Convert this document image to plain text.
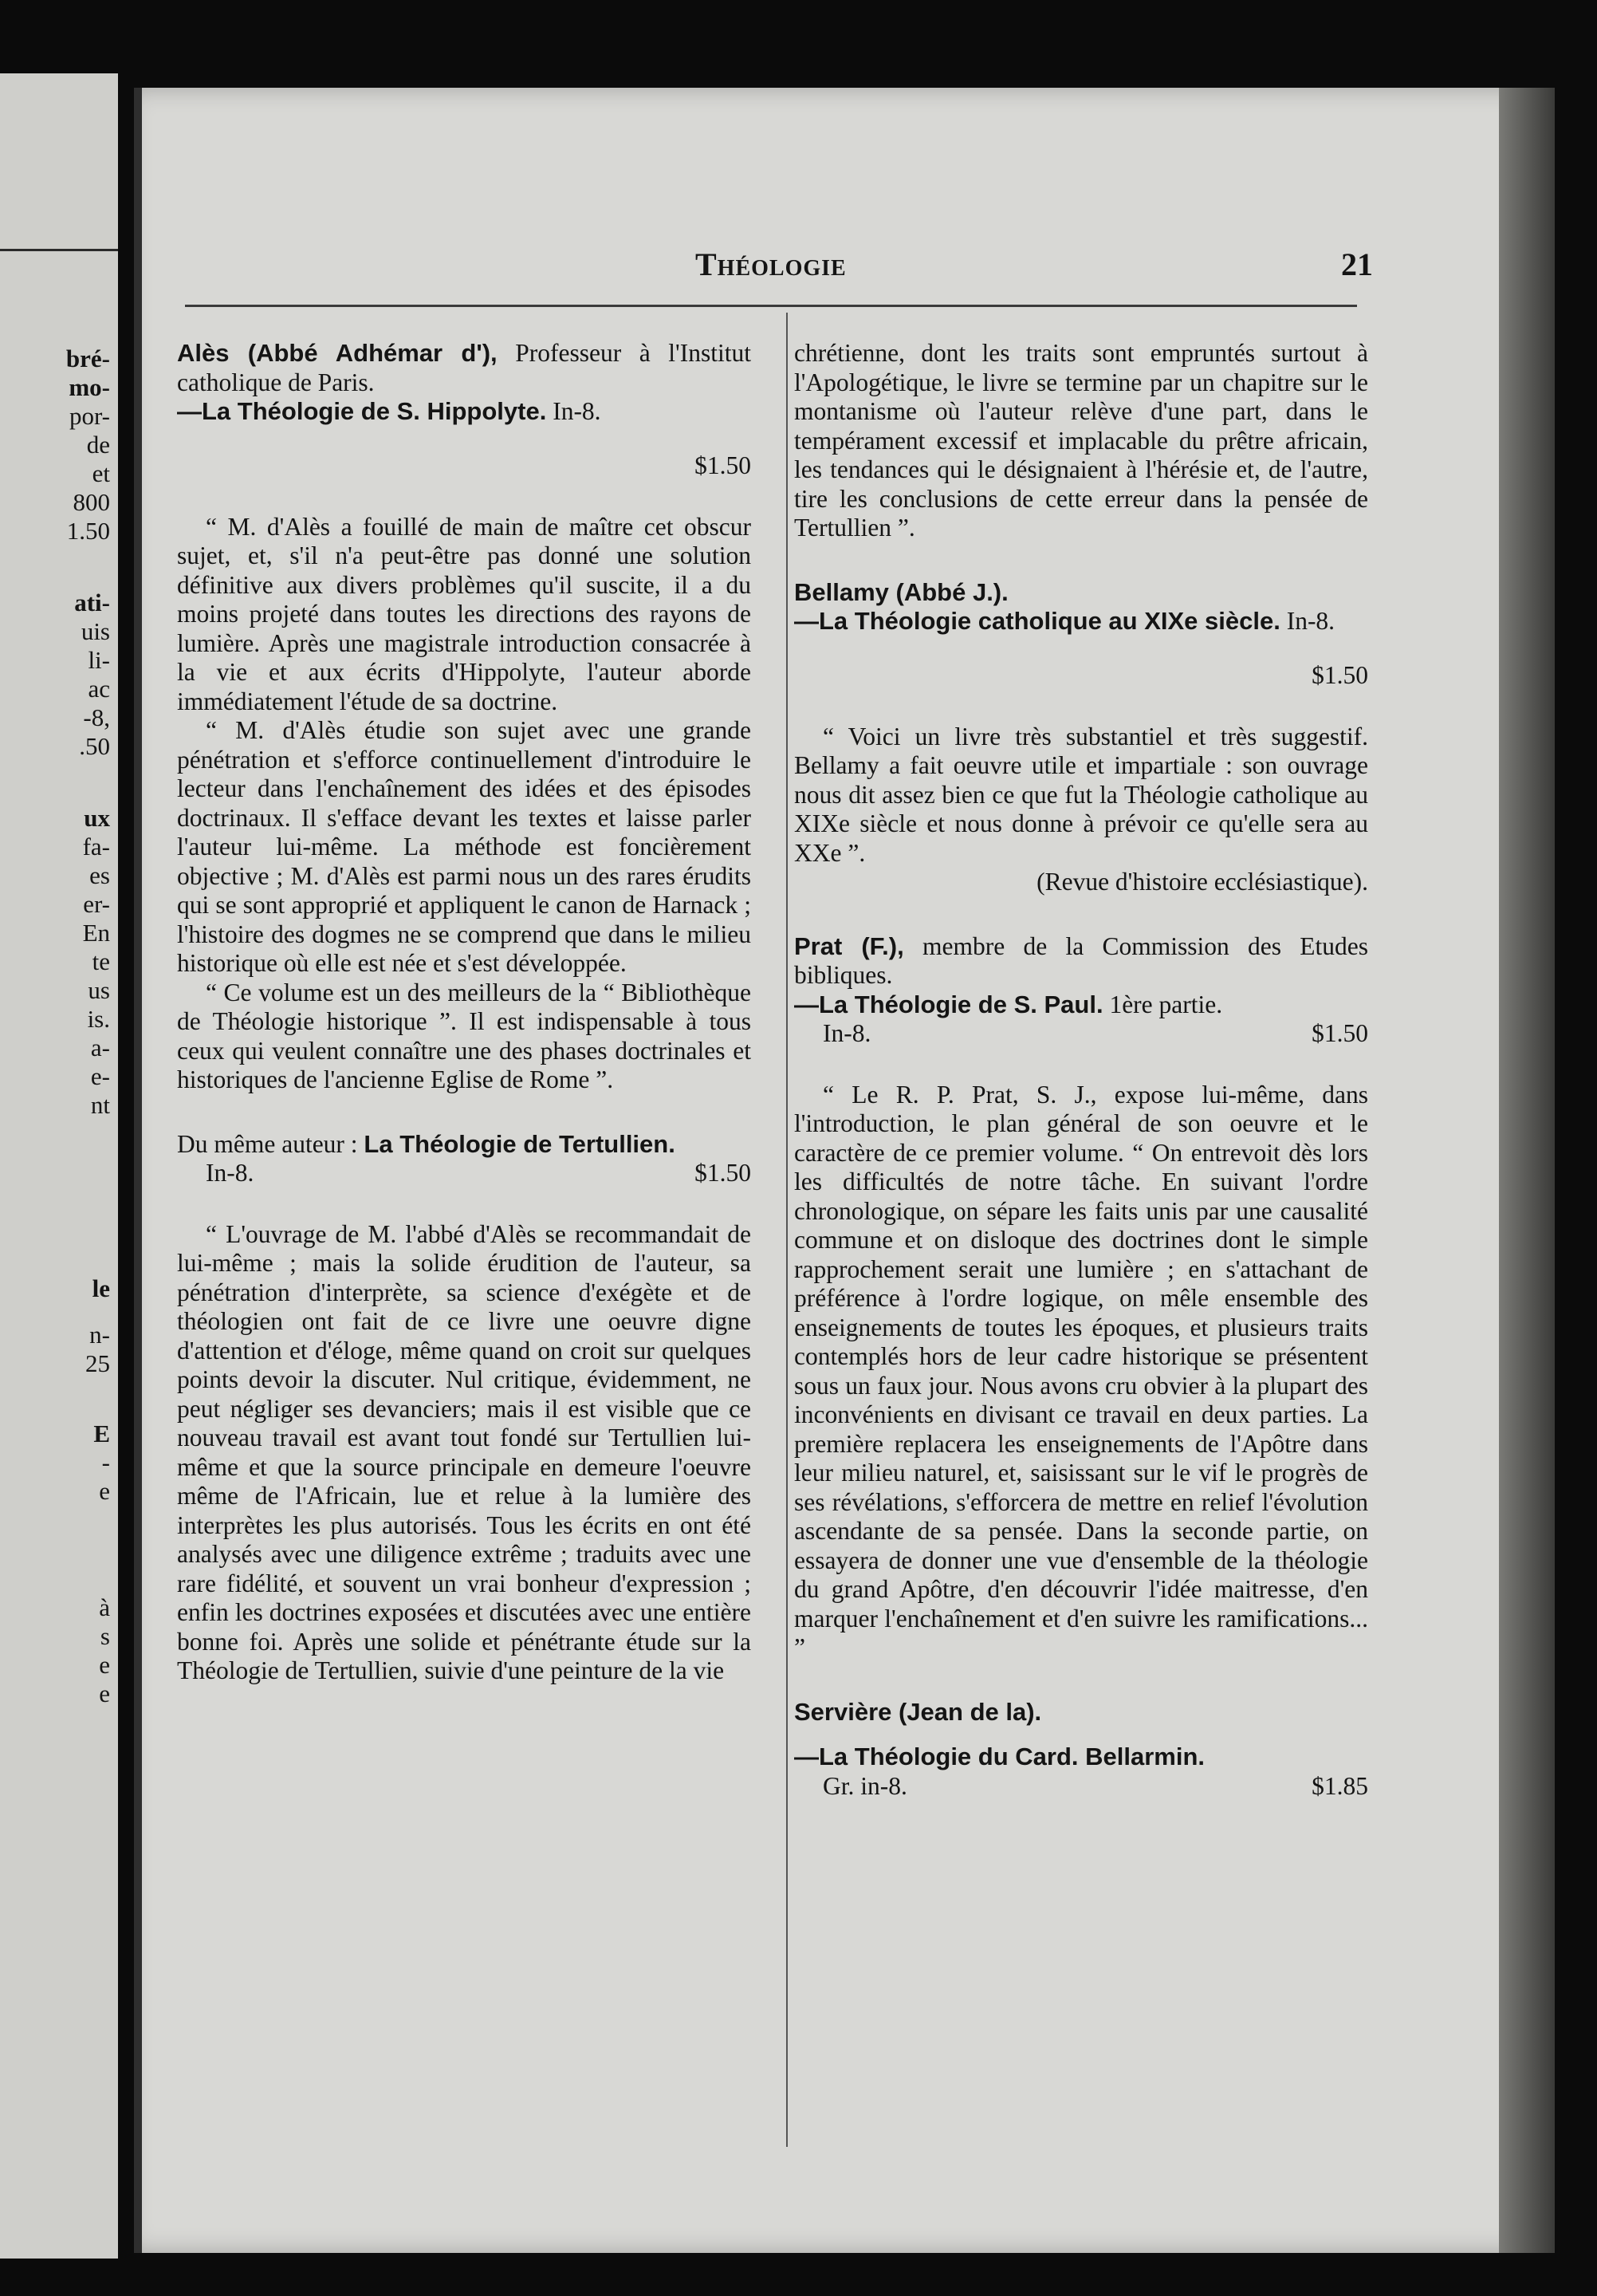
bré-
mo-
por-
de
et
800
1.50
ati-
uis
li-
ac
-8,
.50
ux
fa-
es
er-
En
te
us
is.
a-
e-
nt
le
n-
25
E
-
e
à
s
e
e
Théologie	21

Alès (Abbé Adhémar d'), Professeur à l'Institut catholique de Paris.

—La Théologie de S. Hippolyte. In-8.

$1.50

“ M. d'Alès a fouillé de main de maître cet obscur sujet, et, s'il n'a peut-être pas donné une solution définitive aux divers problèmes qu'il suscite, il a du moins projeté dans toutes les directions des rayons de lumière. Après une magistrale introduction consacrée à la vie et aux écrits d'Hippolyte, l'auteur aborde immédiatement l'étude de sa doctrine.

“ M. d'Alès étudie son sujet avec une grande pénétration et s'efforce continuellement d'introduire le lecteur dans l'enchaînement des idées et des épisodes doctrinaux. Il s'efface devant les textes et laisse parler l'auteur lui-même. La méthode est foncièrement objective ; M. d'Alès est parmi nous un des rares érudits qui se sont approprié et appliquent le canon de Harnack ; l'histoire des dogmes ne se comprend que dans le milieu historique où elle est née et s'est développée.

“ Ce volume est un des meilleurs de la “ Bibliothèque de Théologie historique ”. Il est indispensable à tous ceux qui veulent connaître une des phases doctrinales et historiques de l'ancienne Eglise de Rome ”.

Du même auteur : La Théologie de Tertullien.

In-8.	$1.50

“ L'ouvrage de M. l'abbé d'Alès se recommandait de lui-même ; mais la solide érudition de l'auteur, sa pénétration d'interprète, sa science d'exégète et de théologien ont fait de ce livre une oeuvre digne d'attention et d'éloge, même quand on croit sur quelques points devoir la discuter. Nul critique, évidemment, ne peut négliger ses devanciers; mais il est visible que ce nouveau travail est avant tout fondé sur Tertullien lui-même et que la source principale en demeure l'oeuvre même de l'Africain, lue et relue à la lumière des interprètes les plus autorisés. Tous les écrits en ont été analysés avec une diligence extrême ; traduits avec une rare fidélité, et souvent un vrai bonheur d'expression ; enfin les doctrines exposées et discutées avec une entière bonne foi. Après une solide et pénétrante étude sur la Théologie de Tertullien, suivie d'une peinture de la vie

chrétienne, dont les traits sont empruntés surtout à l'Apologétique, le livre se termine par un chapitre sur le montanisme où l'auteur relève d'une part, dans le tempérament excessif et implacable du prêtre africain, les tendances qui le désignaient à l'hérésie et, de l'autre, tire les conclusions de cette erreur dans la pensée de Tertullien ”.

Bellamy (Abbé J.).

—La Théologie catholique au XIXe siècle. In-8.

$1.50

“ Voici un livre très substantiel et très suggestif. Bellamy a fait oeuvre utile et impartiale : son ouvrage nous dit assez bien ce que fut la Théologie catholique au XIXe siècle et nous donne à prévoir ce qu'elle sera au XXe ”.

(Revue d'histoire ecclésiastique).

Prat (F.), membre de la Commission des Etudes bibliques.

—La Théologie de S. Paul. 1ère partie.

In-8.	$1.50

“ Le R. P. Prat, S. J., expose lui-même, dans l'introduction, le plan général de son oeuvre et le caractère de ce premier volume. “ On entrevoit dès lors les difficultés de notre tâche. En suivant l'ordre chronologique, on sépare les faits unis par une causalité commune et on disloque des doctrines dont le simple rapprochement serait une lumière ; en s'attachant de préférence à l'ordre logique, on mêle ensemble des enseignements de toutes les époques, et plusieurs traits contemplés hors de leur cadre historique se présentent sous un faux jour. Nous avons cru obvier à la plupart des inconvénients en divisant ce travail en deux parties. La première replacera les enseignements de l'Apôtre dans leur milieu naturel, et, saisissant sur le vif le progrès de ses révélations, s'efforcera de mettre en relief l'évolution ascendante de sa pensée. Dans la seconde partie, on essayera de donner une vue d'ensemble de la théologie du grand Apôtre, d'en découvrir l'idée maitresse, d'en marquer l'enchaînement et d'en suivre les ramifications... ”

Servière (Jean de la).

—La Théologie du Card. Bellarmin.

Gr. in-8.	$1.85
